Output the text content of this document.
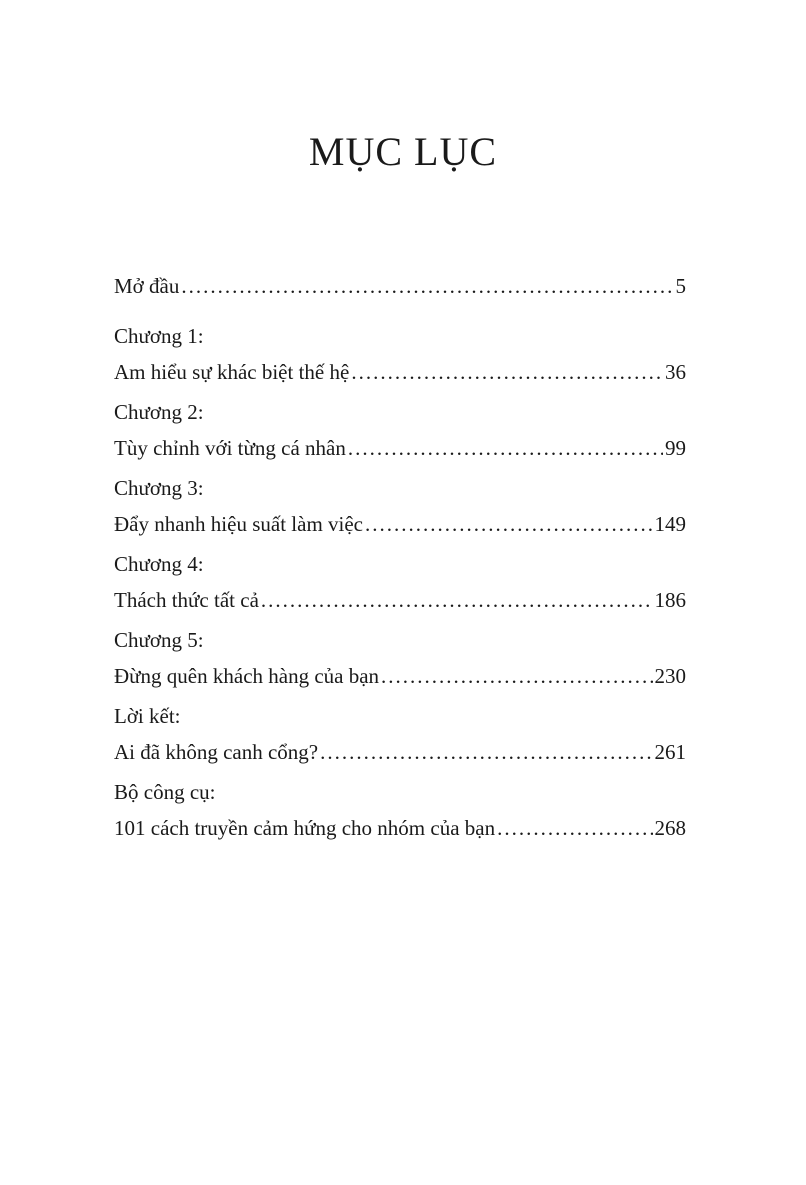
MỤC LỤC
Mở đầu .....	5
Chương 1:
Am hiểu sự khác biệt thế hệ .....	36
Chương 2:
Tùy chỉnh với từng cá nhân .....	99
Chương 3:
Đẩy nhanh hiệu suất làm việc .....	149
Chương 4:
Thách thức tất cả .....	186
Chương 5:
Đừng quên khách hàng của bạn .....	230
Lời kết:
Ai đã không canh cổng? .....	261
Bộ công cụ:
101 cách truyền cảm hứng cho nhóm của bạn .....	268
